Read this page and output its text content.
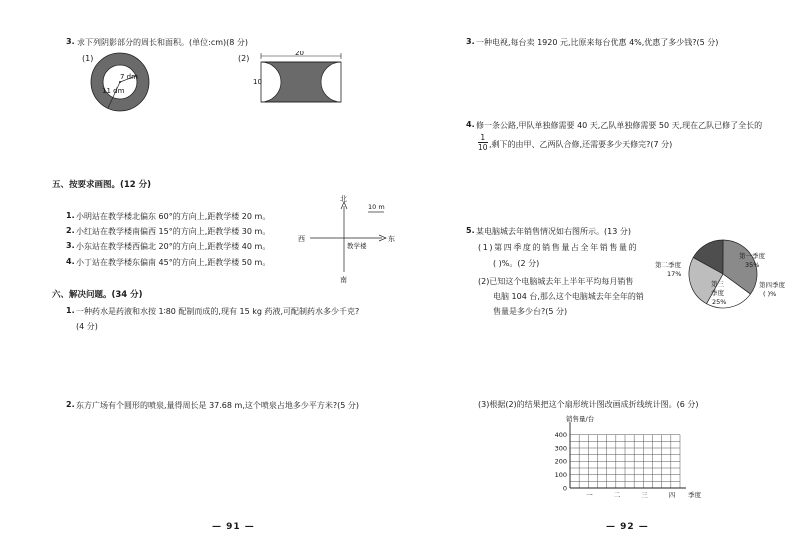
3. 求下列阴影部分的周长和面积。(单位:cm)(8 分)
(1)
7 dm
11 dm
(2)
20
10
五、按要求画图。(12 分)
1. 小明站在教学楼北偏东 60°的方向上,距教学楼 20 m。
2. 小红站在教学楼南偏西 15°的方向上,距教学楼 30 m。
3. 小东站在教学楼西偏北 20°的方向上,距教学楼 40 m。
4. 小丁站在教学楼东偏南 45°的方向上,距教学楼 50 m。
北
南
东
西
教学楼
10 m
六、解决问题。(34 分)
1. 一种药水是药液和水按 1∶80 配制而成的,现有 15 kg 药液,可配制药水多少千克?
(4 分)
2. 东方广场有个圆形的喷泉,量得周长是 37.68 m,这个喷泉占地多少平方米?(5 分)
— 91 —
3. 一种电视,每台卖 1920 元,比原来每台优惠 4%,优惠了多少钱?(5 分)
4. 修一条公路,甲队单独修需要 40 天,乙队单独修需要 50 天,现在乙队已修了全长的
$\frac{1}{10}$ ,剩下的由甲、乙两队合修,还需要多少天修完?(7 分)
5. 某电脑城去年销售情况如右图所示。(13 分)
(1)第四季度的销售量占全年销售量的
( )%。(2 分)
(2)已知这个电脑城去年上半年平均每月销售
电脑 104 台,那么这个电脑城去年全年的销
售量是多少台?(5 分)
第一季度
35%
第二季度
17%
第三
季度
25%
第四季度
( )%
(3)根据(2)的结果把这个扇形统计图改画成折线统计图。(6 分)
销售量/台
100
200
300
400
0
一	二	三	四 季度
— 92 —
